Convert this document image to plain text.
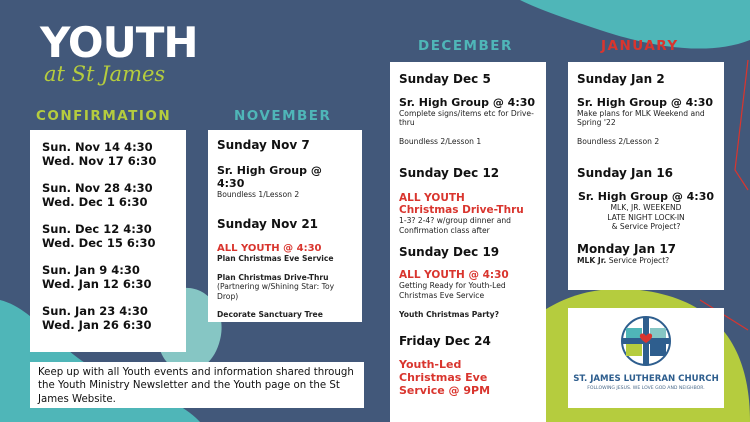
YOUTH
at St James
CONFIRMATION	NOVEMBER
DECEMBER	JANUARY
Sun. Nov 14 4:30
Wed. Nov 17 6:30
Sun. Nov 28 4:30
Wed. Dec 1 6:30
Sun. Dec 12 4:30
Wed. Dec 15 6:30
Sun. Jan 9 4:30
Wed. Jan 12 6:30
Sun. Jan 23 4:30
Wed. Jan 26 6:30
Sunday Nov 7
Sr. High Group @ 4:30
Boundless 1/Lesson 2
Sunday Nov 21
ALL YOUTH @ 4:30
Plan Christmas Eve Service
Plan Christmas Drive-Thru
(Partnering w/Shining Star: Toy Drop)
Decorate Sanctuary Tree
Sunday Dec 5
Sr. High Group @ 4:30
Complete signs/items etc for Drive-thru
Boundless 2/Lesson 1
Sunday Dec 12
ALL YOUTH
Christmas Drive-Thru
1-3? 2-4? w/group dinner and Confirmation class after
Sunday Dec 19
ALL YOUTH @ 4:30
Getting Ready for Youth-Led Christmas Eve Service
Youth Christmas Party?
Friday Dec 24
Youth-Led Christmas Eve Service @ 9PM
Sunday Jan 2
Sr. High Group @ 4:30
Make plans for MLK Weekend and Spring '22
Boundless 2/Lesson 2
Sunday Jan 16
Sr. High Group @ 4:30
MLK, JR. WEEKEND
LATE NIGHT LOCK-IN
& Service Project?
Monday Jan 17
MLK Jr. Service Project?
ST. JAMES LUTHERAN CHURCH
FOLLOWING JESUS. WE LOVE GOD AND NEIGHBOR.
Keep up with all Youth events and information shared through the Youth Ministry Newsletter and the Youth page on the St James Website.
